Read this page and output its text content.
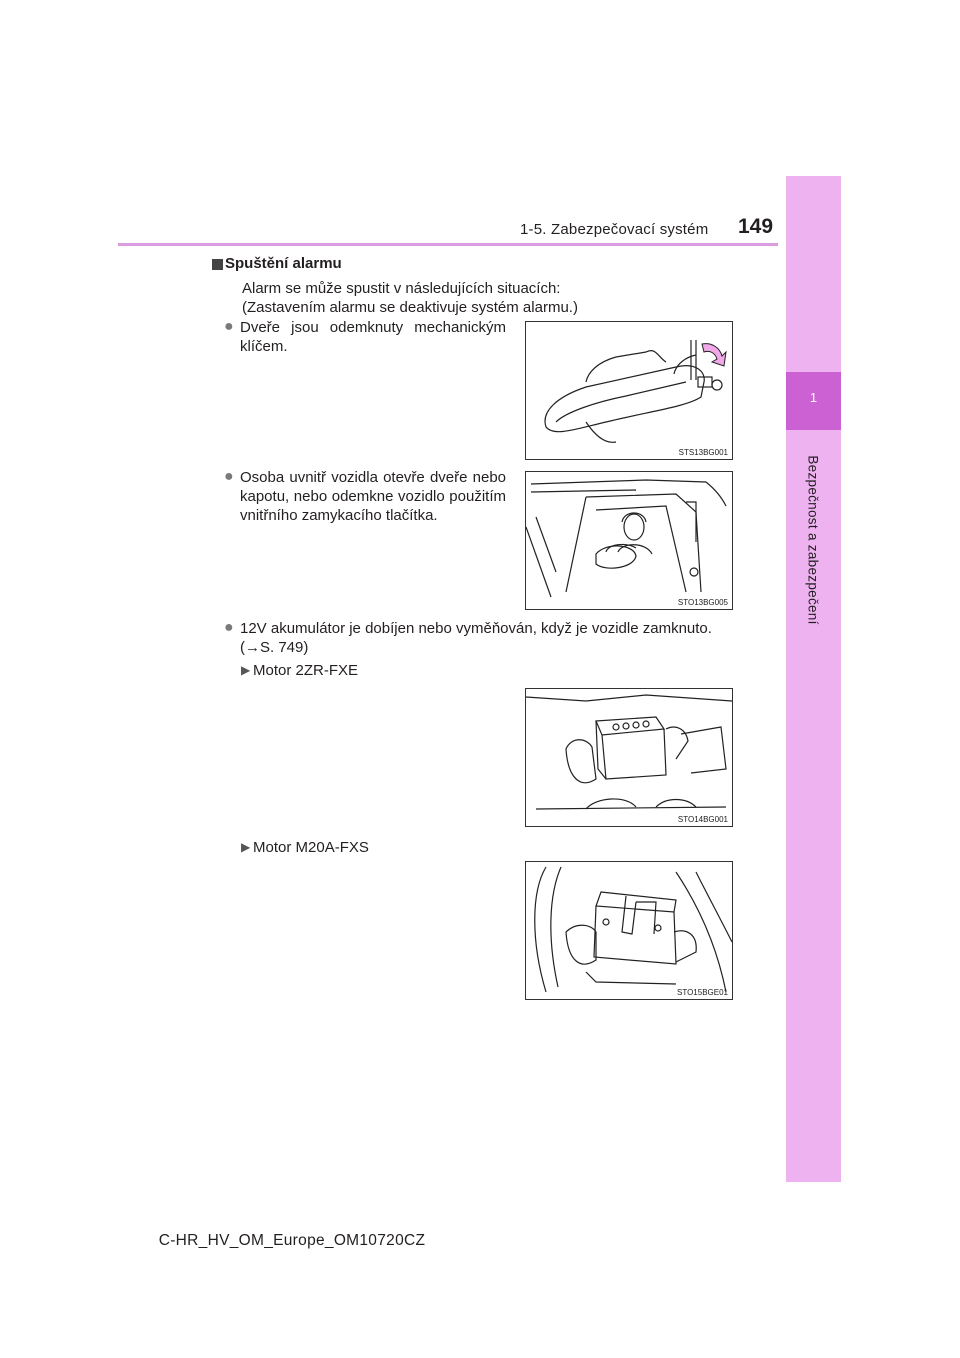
1-5. Zabezpečovací systém 149
1
Bezpečnost a zabezpečení
Spuštění alarmu
Alarm se může spustit v následujících situacích:
(Zastavením alarmu se deaktivuje systém alarmu.)
● Dveře jsou odemknuty mechanickým klíčem.
STS13BG001
● Osoba uvnitř vozidla otevře dveře nebo kapotu, nebo odemkne vozidlo použitím vnitřního zamykacího tlačítka.
STO13BG005
● 12V akumulátor je dobíjen nebo vyměňován, když je vozidle zamknuto.
(→S. 749)
▶ Motor 2ZR-FXE
STO14BG001
▶ Motor M20A-FXS
STO15BGE01
C-HR_HV_OM_Europe_OM10720CZ
